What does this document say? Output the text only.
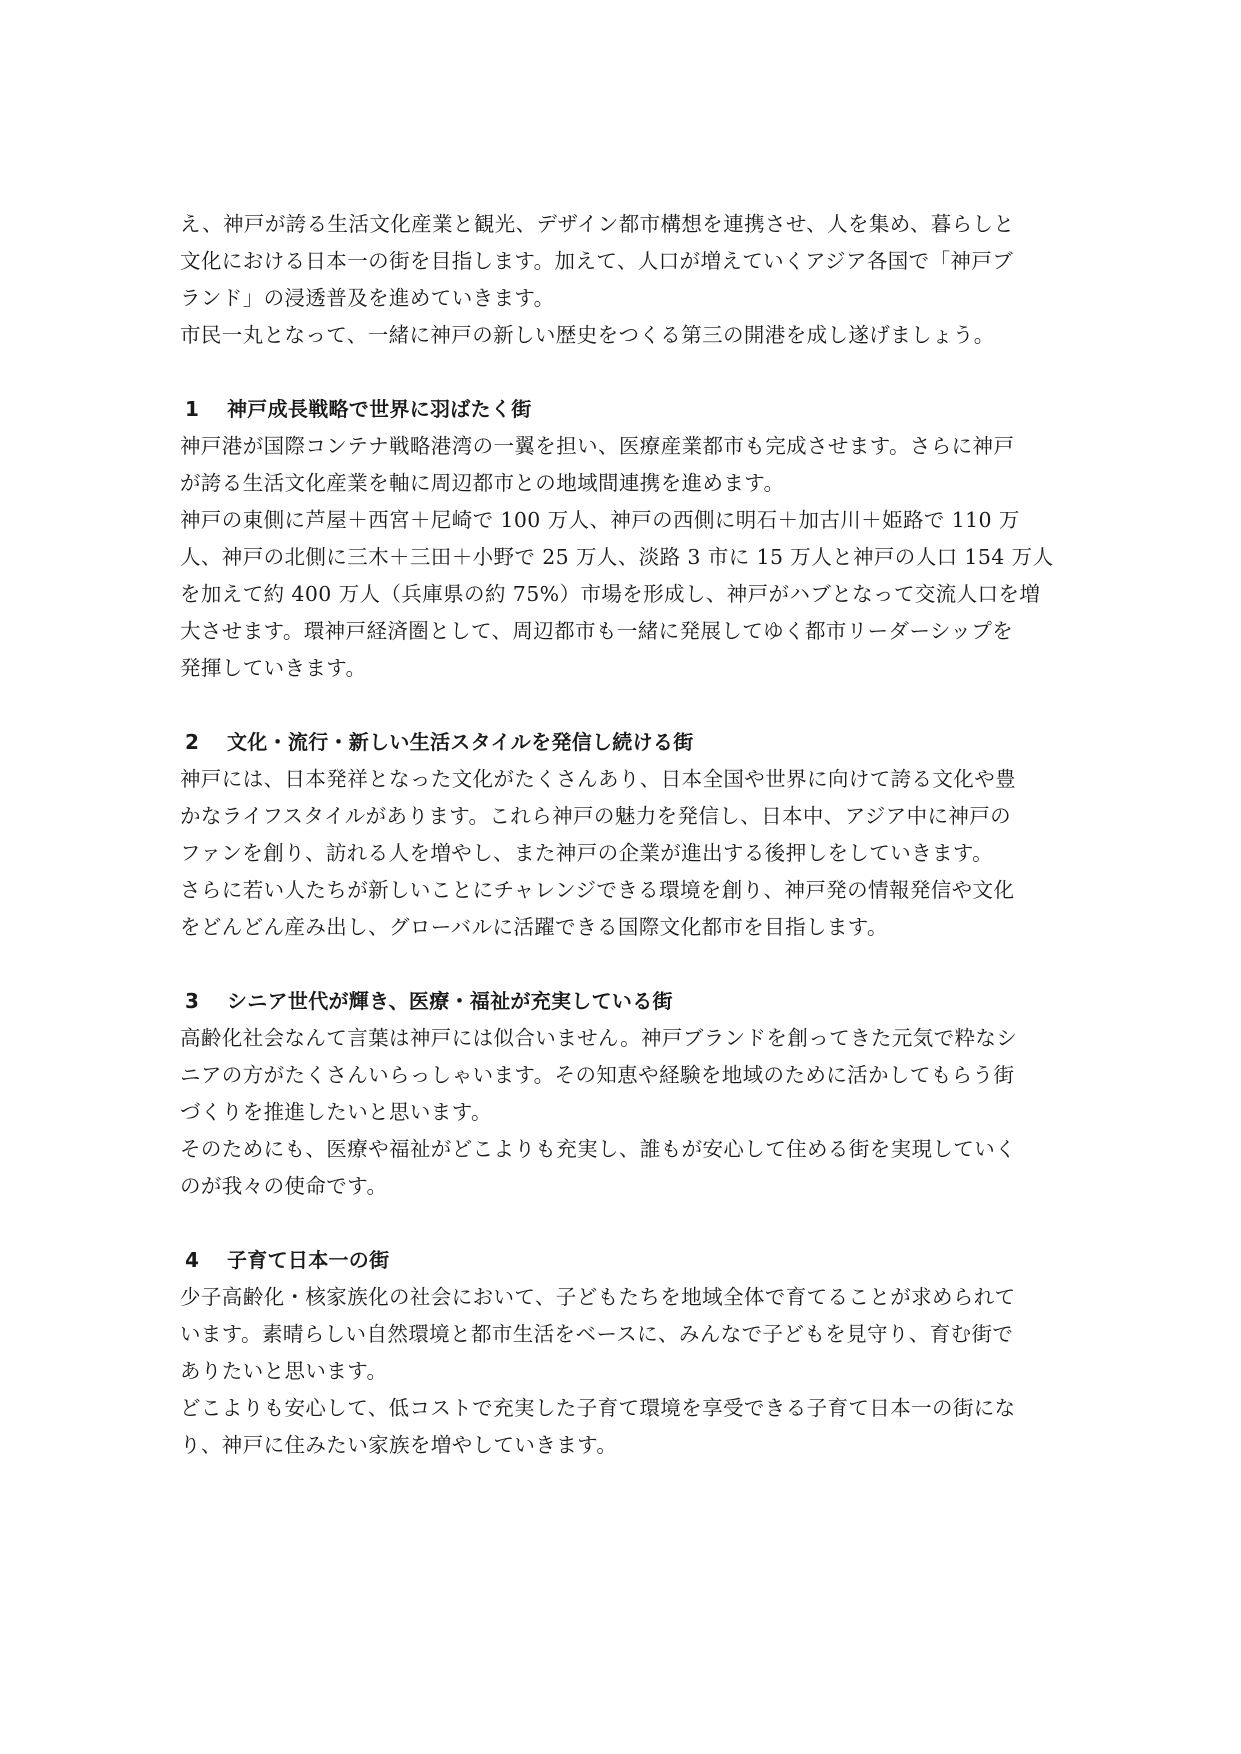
え、神戸が誇る生活文化産業と観光、デザイン都市構想を連携させ、人を集め、暮らしと
文化における日本一の街を目指します。加えて、人口が増えていくアジア各国で「神戸ブ
ランド」の浸透普及を進めていきます。
市民一丸となって、一緒に神戸の新しい歴史をつくる第三の開港を成し遂げましょう。
1 神戸成長戦略で世界に羽ばたく街
神戸港が国際コンテナ戦略港湾の一翼を担い、医療産業都市も完成させます。さらに神戸
が誇る生活文化産業を軸に周辺都市との地域間連携を進めます。
神戸の東側に芦屋＋西宮＋尼崎で 100 万人、神戸の西側に明石＋加古川＋姫路で 110 万
人、神戸の北側に三木＋三田＋小野で 25 万人、淡路 3 市に 15 万人と神戸の人口 154 万人
を加えて約 400 万人（兵庫県の約 75%）市場を形成し、神戸がハブとなって交流人口を増
大させます。環神戸経済圏として、周辺都市も一緒に発展してゆく都市リーダーシップを
発揮していきます。
2 文化・流行・新しい生活スタイルを発信し続ける街
神戸には、日本発祥となった文化がたくさんあり、日本全国や世界に向けて誇る文化や豊
かなライフスタイルがあります。これら神戸の魅力を発信し、日本中、アジア中に神戸の
ファンを創り、訪れる人を増やし、また神戸の企業が進出する後押しをしていきます。
さらに若い人たちが新しいことにチャレンジできる環境を創り、神戸発の情報発信や文化
をどんどん産み出し、グローバルに活躍できる国際文化都市を目指します。
3 シニア世代が輝き、医療・福祉が充実している街
高齢化社会なんて言葉は神戸には似合いません。神戸ブランドを創ってきた元気で粋なシ
ニアの方がたくさんいらっしゃいます。その知恵や経験を地域のために活かしてもらう街
づくりを推進したいと思います。
そのためにも、医療や福祉がどこよりも充実し、誰もが安心して住める街を実現していく
のが我々の使命です。
4 子育て日本一の街
少子高齢化・核家族化の社会において、子どもたちを地域全体で育てることが求められて
います。素晴らしい自然環境と都市生活をベースに、みんなで子どもを見守り、育む街で
ありたいと思います。
どこよりも安心して、低コストで充実した子育て環境を享受できる子育て日本一の街にな
り、神戸に住みたい家族を増やしていきます。
